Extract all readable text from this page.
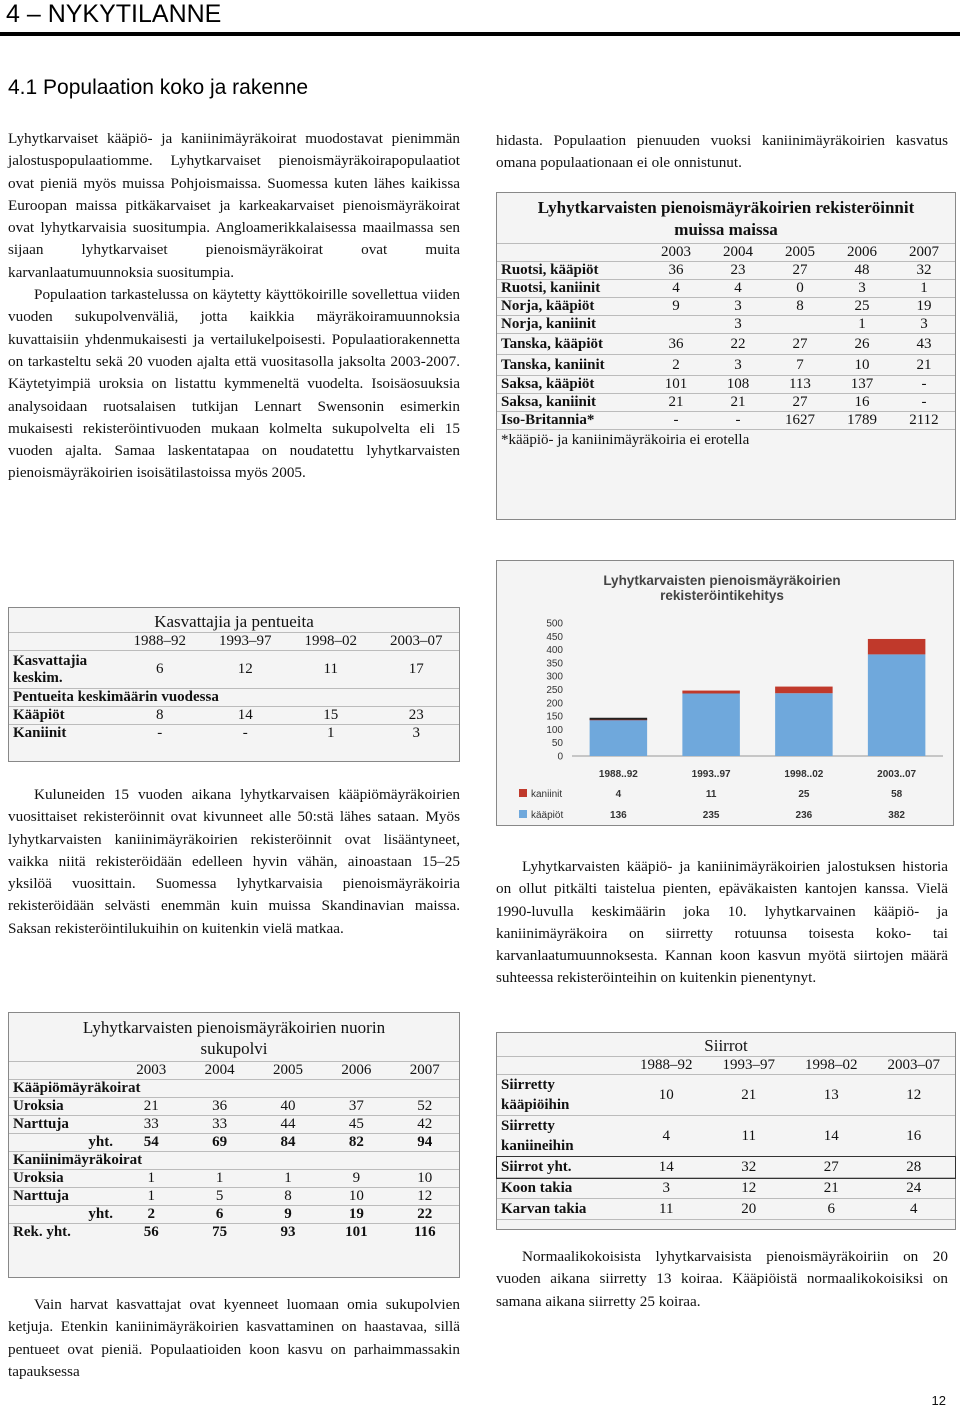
4 – NYKYTILANNE
4.1 Populaation koko ja rakenne

Lyhytkarvaiset kääpiö- ja kaniinimäyräkoirat muodostavat pienimmän jalostuspopulaatiomme. Lyhytkarvaiset pienoismäyräkoirapopulaatiot ovat pieniä myös muissa Pohjoismaissa. Suomessa kuten lähes kaikissa Euroopan maissa pitkäkarvaiset ja karkeakarvaiset pienoismäyräkoirat ovat lyhytkarvaisia suositumpia. Angloamerikkalaisessa maailmassa sen sijaan lyhytkarvaiset pienoismäyräkoirat ovat muita karvanlaatumuunnoksia suositumpia.

Populaation tarkastelussa on käytetty käyttökoirille sovellettua viiden vuoden sukupolvenväliä, jotta kaikkia mäyräkoiramuunnoksia kuvattaisiin yhdenmukaisesti ja vertailukelpoisesti. Populaatiorakennetta on tarkasteltu sekä 20 vuoden ajalta että vuositasolla jaksolta 2003-2007. Käytetyimpiä uroksia on listattu kymmeneltä vuodelta. Isoisäosuuksia analysoidaan ruotsalaisen tutkijan Lennart Swensonin esimerkin mukaisesti rekisteröintivuoden mukaan kolmelta sukupolvelta eli 15 vuoden ajalta. Samaa laskentatapaa on noudatettu lyhytkarvaisten pienoismäyräkoirien isoisätilastoissa myös 2005.

Kasvattajia ja pentueita				
	1988–92	1993–97	1998–02	2003–07
Kasvattajia keskim.	6	12	11	17
Pentueita keskimäärin vuodessa				
Kääpiöt	8	14	15	23
Kaniinit	-	-	1	3

Kuluneiden 15 vuoden aikana lyhytkarvaisen kääpiömäyräkoirien vuosittaiset rekisteröinnit ovat kivunneet alle 50:stä lähes sataan. Myös lyhytkarvaisten kaniinimäyräkoirien rekisteröinnit ovat lisääntyneet, vaikka niitä rekisteröidään edelleen hyvin vähän, ainoastaan 15–25 yksilöä vuosittain. Suomessa lyhytkarvaisia pienoismäyräkoiria rekisteröidään selvästi enemmän kuin muissa Skandinavian maissa. Saksan rekisteröintilukuihin on kuitenkin vielä matkaa.

Lyhytkarvaisten pienoismäyräkoirien nuorin sukupolvi					
	2003	2004	2005	2006	2007
Kääpiömäyräkoirat					
Uroksia	21	36	40	37	52
Narttuja	33	33	44	45	42
yht.	54	69	84	82	94
Kaniinimäyräkoirat					
Uroksia	1	1	1	9	10
Narttuja	1	5	8	10	12
yht.	2	6	9	19	22
Rek. yht.	56	75	93	101	116

Vain harvat kasvattajat ovat kyenneet luomaan omia sukupolvien ketjuja. Etenkin kaniinimäyräkoirien kasvattaminen on haastavaa, sillä pentueet ovat pieniä. Populaatioiden koon kasvu on parhaimmassakin tapauksessa

hidasta. Populaation pienuuden vuoksi kaniinimäyräkoirien kasvatus omana populaationaan ei ole onnistunut.

Lyhytkarvaisten pienoismäyräkoirien rekisteröinnit muissa maissa					
	2003	2004	2005	2006	2007
Ruotsi, kääpiöt	36	23	27	48	32
Ruotsi, kaniinit	4	4	0	3	1
Norja, kääpiöt	9	3	8	25	19
Norja, kaniinit		3		1	3
Tanska, kääpiöt	36	22	27	26	43
Tanska, kaniinit	2	3	7	10	21
Saksa, kääpiöt	101	108	113	137	-
Saksa, kaniinit	21	21	27	16	-
Iso-Britannia*	-	-	1627	1789	2112
*kääpiö- ja kaniinimäyräkoiria ei erotella					
Lyhytkarvaisten pienoismäyräkoirien rekisteröintikehitys
500
450
400
350
300
250
200
150
100
50
0
1988..92
4
136
1993..97
11
235
1998..02
25
236
2003..07
58
382
kaniinit
kääpiöt

Lyhytkarvaisten kääpiö- ja kaniinimäyräkoirien jalostuksen historia on ollut pitkälti taistelua pienten, epäväkaisten kantojen kanssa. Vielä 1990-luvulla keskimäärin joka 10. lyhytkarvainen kääpiö- ja kaniinimäyräkoira on siirretty rotuunsa toisesta koko- tai karvanlaatumuunnoksesta. Kannan koon kasvun myötä siirtojen määrä suhteessa rekisteröinteihin on kuitenkin pienentynyt.

Siirrot				
	1988–92	1993–97	1998–02	2003–07
Siirretty kääpiöihin	10	21	13	12
Siirretty kaniineihin	4	11	14	16
Siirrot yht.	14	32	27	28
Koon takia	3	12	21	24
Karvan takia	11	20	6	4

Normaalikokoisista lyhytkarvaisista pienoismäyräkoiriin on 20 vuoden aikana siirretty 13 koiraa. Kääpiöistä normaalikokoisiksi on samana aikana siirretty 25 koiraa.

12
